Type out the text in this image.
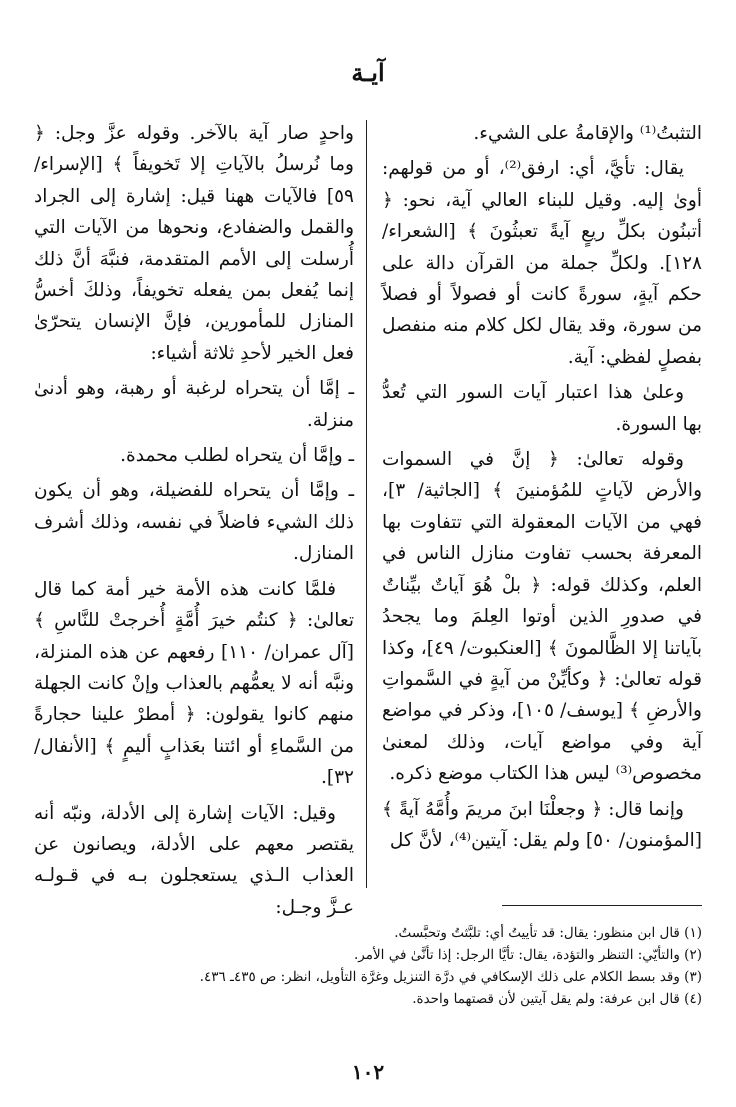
آيـة

التثبتُ⁽¹⁾ والإقامةُ على الشيء.

يقال: تأيَّ، أي: ارفق⁽²⁾، أو من قولهم: أوىٰ إليه. وقيل للبناء العالي آية، نحو: ﴿ أتبنُون بكلِّ ريعٍ آيةً تعبثُونَ ﴾ [الشعراء/ ١٢٨]. ولكلِّ جملة من القرآن دالة على حكم آيةٍ، سورةً كانت أو فصولاً أو فصلاً من سورة، وقد يقال لكل كلام منه منفصل بفصلٍ لفظي: آية.

وعلىٰ هذا اعتبار آيات السور التي تُعدُّ بها السورة.

وقوله تعالىٰ: ﴿ إنَّ في السموات والأرض لآياتٍ للمُؤمنينَ ﴾ [الجاثية/ ٣]، فهي من الآيات المعقولة التي تتفاوت بها المعرفة بحسب تفاوت منازل الناس في العلم، وكذلك قوله: ﴿ بلْ هُوَ آياتٌ بيِّناتٌ في صدورِ الذين أوتوا العِلمَ وما يجحدُ بآياتنا إلا الظَّالمونَ ﴾ [العنكبوت/ ٤٩]، وكذا قوله تعالىٰ: ﴿ وكأيِّنْ من آيةٍ في السَّمواتِ والأرضِ ﴾ [يوسف/ ١٠٥]، وذكر في مواضع آية وفي مواضع آيات، وذلك لمعنىٰ مخصوص⁽³⁾ ليس هذا الكتاب موضع ذكره.

وإنما قال: ﴿ وجعلْنَا ابنَ مريمَ وأُمَّهُ آيةً ﴾ [المؤمنون/ ٥٠] ولم يقل: آيتين⁽⁴⁾، لأنَّ كل

واحدٍ صار آية بالآخر. وقوله عزَّ وجل: ﴿ وما نُرسلُ بالآياتِ إلا تَخويفاً ﴾ [الإسراء/ ٥٩] فالآيات ههنا قيل: إشارة إلى الجراد والقمل والضفادع، ونحوها من الآيات التي أُرسلت إلى الأمم المتقدمة، فنبَّهَ أنَّ ذلك إنما يُفعل بمن يفعله تخويفاً، وذلكَ أخسُّ المنازل للمأمورين، فإنَّ الإنسان يتحرّىٰ فعل الخير لأحدِ ثلاثة أشياء:

ـ إمَّا أن يتحراه لرغبة أو رهبة، وهو أدنىٰ منزلة.

ـ وإمَّا أن يتحراه لطلب محمدة.

ـ وإمَّا أن يتحراه للفضيلة، وهو أن يكون ذلك الشيء فاضلاً في نفسه، وذلك أشرف المنازل.

فلمَّا كانت هذه الأمة خير أمة كما قال تعالىٰ: ﴿ كنتُم خيرَ أُمَّةٍ أُخرجتْ للنَّاسِ ﴾ [آل عمران/ ١١٠] رفعهم عن هذه المنزلة، ونبَّه أنه لا يعمُّهم بالعذاب وإنْ كانت الجهلة منهم كانوا يقولون: ﴿ أمطرْ علينا حجارةً من السَّماءِ أو ائتنا بعَذابٍ أليمٍ ﴾ [الأنفال/ ٣٢].

وقيل: الآيات إشارة إلى الأدلة، ونبّه أنه يقتصر معهم على الأدلة، ويصانون عن العذاب الـذي يستعجلون بـه في قـولـه عـزَّ وجـل:

(١) قال ابن منظور: يقال: قد تأييتُ أي: تلبَّثتُ وتحبَّستُ.

(٢) والتأيّي: التنظر والتؤدة، يقال: تأيَّا الرجل: إذا تأنَّىٰ في الأمر.

(٣) وقد بسط الكلام على ذلك الإسكافي في درَّة التنزيل وغرَّة التأويل، انظر: ص ٤٣٥ـ ٤٣٦.

(٤) قال ابن عرفة: ولم يقل آيتين لأن قصتهما واحدة.

١٠٢
